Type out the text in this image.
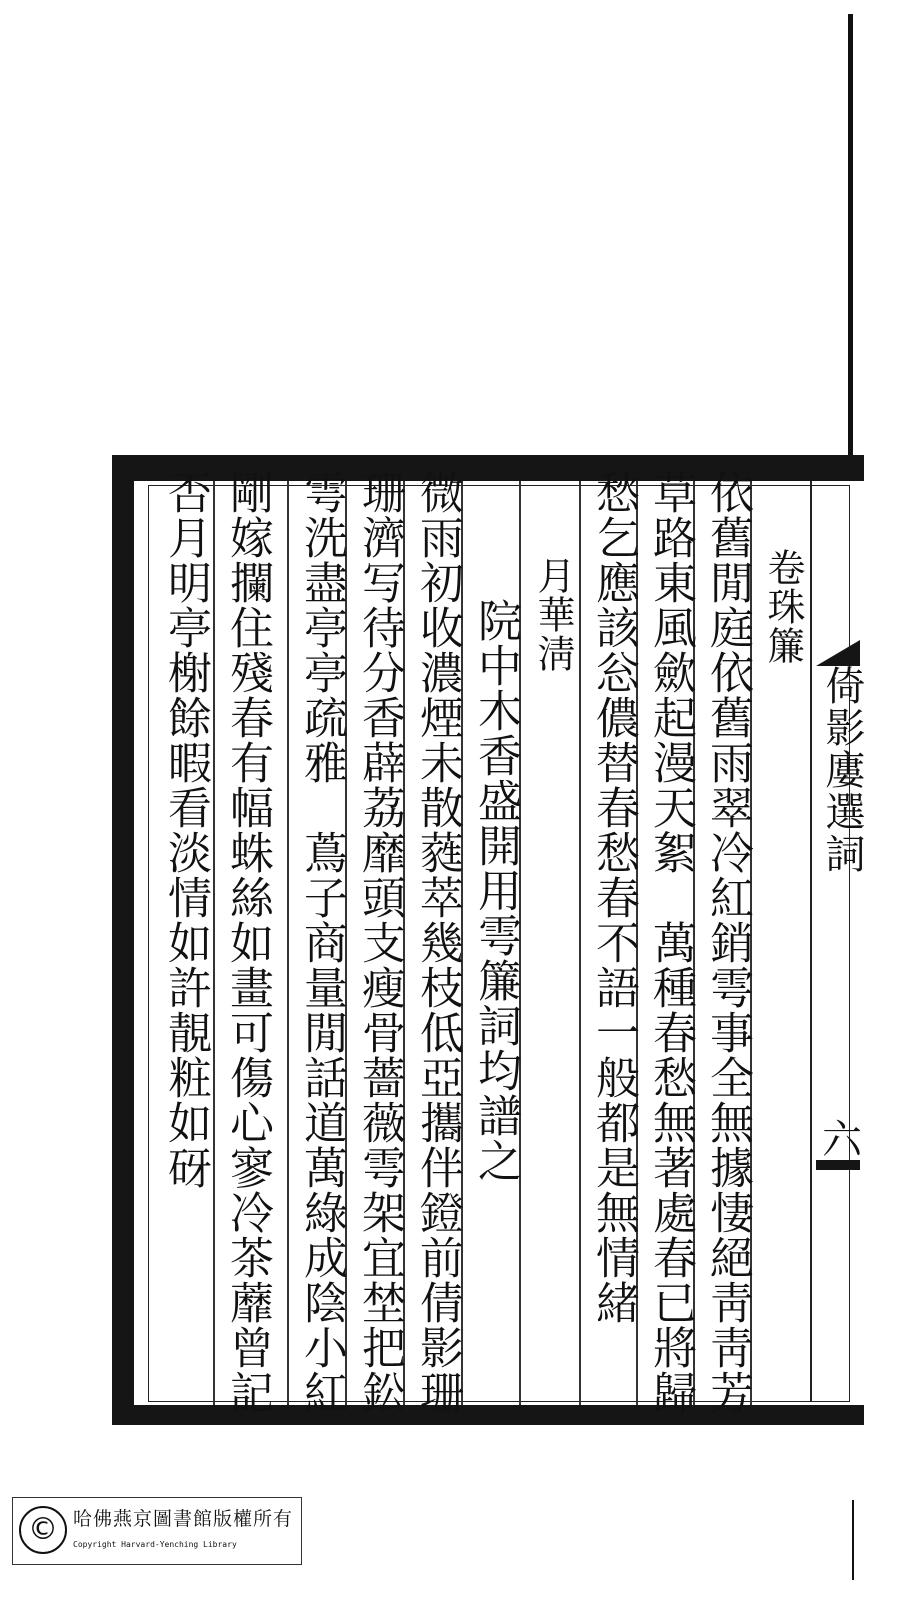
倚影廔選詞
六
卷珠簾
依舊閒庭依舊雨翠冷紅銷雩事全無據悽絕靑靑芳
草路東風歛起漫天絮　萬種春愁無著處春已將歸
愁乞應該忩儂替春愁春不語一般都是無情緒
月華淸
院中木香盛開用雩簾詞均譜之
微雨初收濃煙未散蕤萃幾枝低亞攜伴鐙前倩影珊
珊濟写待分香薜荔靡頭支瘦骨薔薇雩架宜埜把鈆
雩洗盡亭亭疏雅　蔦子商量閒話道萬綠成陰小紅
剛嫁攔住殘春有幅蛛絲如畫可傷心寥冷茶蘼曾記
否月明亭榭餘暇看淡情如許靚粧如砑
© 哈佛燕京圖書館版權所有
Copyright Harvard-Yenching Library
